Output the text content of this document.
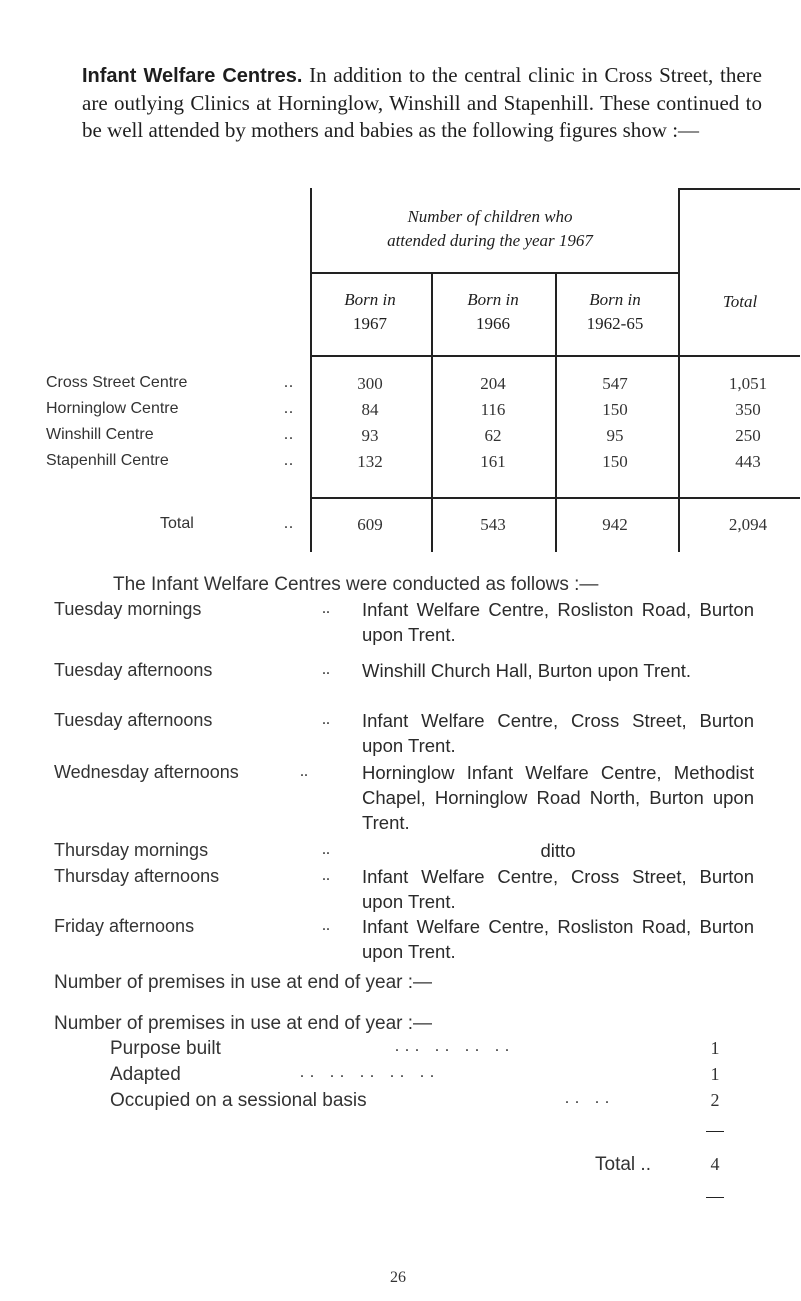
Infant Welfare Centres. In addition to the central clinic in Cross Street, there are outlying Clinics at Horninglow, Winshill and Stapenhill. These continued to be well attended by mothers and babies as the following figures show :—
Number of children who
attended during the year 1967
Born in
1967
Born in
1966
Born in
1962-65
Total
Cross Street Centre	..	300	204	547	1,051
Horninglow Centre	..	84	116	150	350
Winshill Centre	..	93	62	95	250
Stapenhill Centre	..	132	161	150	443
Total	..	609	543	942	2,094
The Infant Welfare Centres were conducted as follows :—
Tuesday mornings	.. Infant Welfare Centre, Rosliston Road, Burton upon Trent.
Tuesday afternoons	.. Winshill Church Hall, Burton upon Trent.
Tuesday afternoons	.. Infant Welfare Centre, Cross Street, Burton upon Trent.
Wednesday afternoons	..	Horninglow Infant Welfare Centre, Methodist Chapel, Horninglow Road North, Burton upon Trent.
Thursday mornings	..	ditto
Thursday afternoons	.. Infant Welfare Centre, Cross Street, Burton upon Trent.
Friday afternoons	.. Infant Welfare Centre, Rosliston Road, Burton upon Trent.
Number of premises in use at end of year :—
Number of premises in use at end of year :—
Purpose built	... .. .. ..	1
Adapted	.. .. .. .. ..	1
Occupied on a sessional basis	.. ..	2
Total ..	4
26
